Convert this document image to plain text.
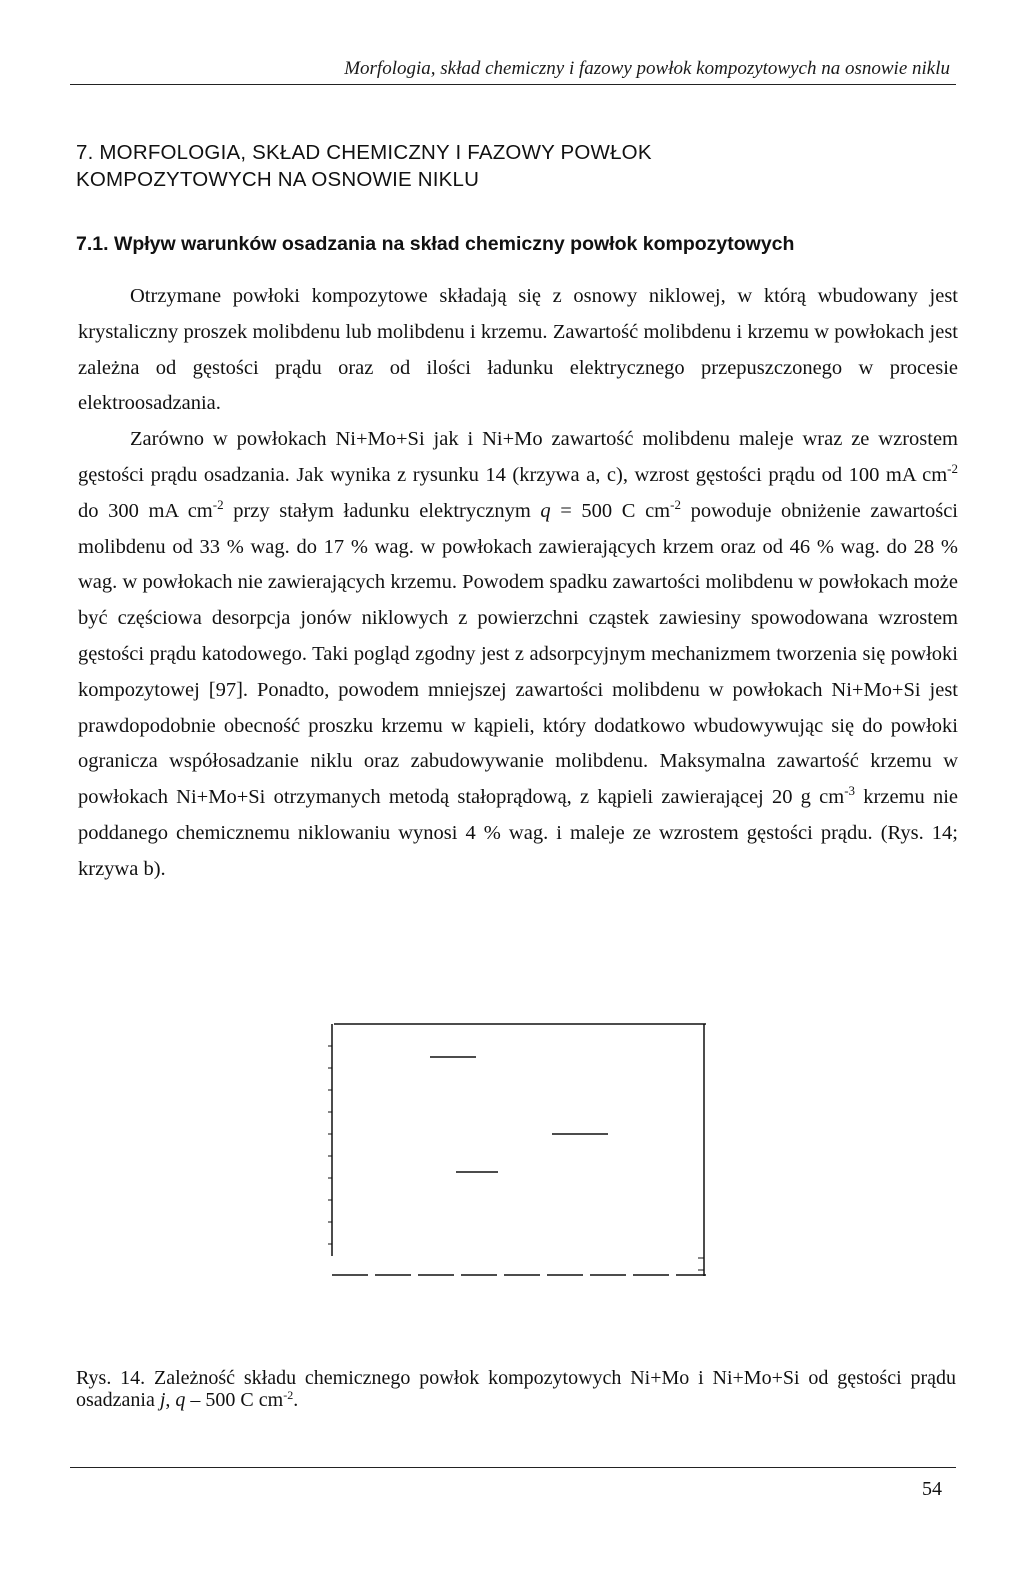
Morfologia, skład chemiczny i fazowy powłok kompozytowych na osnowie niklu
7. MORFOLOGIA, SKŁAD CHEMICZNY I FAZOWY POWŁOK
KOMPOZYTOWYCH NA OSNOWIE NIKLU
7.1. Wpływ warunków osadzania na skład chemiczny powłok kompozytowych

Otrzymane powłoki kompozytowe składają się z osnowy niklowej, w którą wbudowany jest krystaliczny proszek molibdenu lub molibdenu i krzemu. Zawartość molibdenu i krzemu w powłokach jest zależna od gęstości prądu oraz od ilości ładunku elektrycznego przepuszczonego w procesie elektroosadzania.

Zarówno w powłokach Ni+Mo+Si jak i Ni+Mo zawartość molibdenu maleje wraz ze wzrostem gęstości prądu osadzania. Jak wynika z rysunku 14 (krzywa a, c), wzrost gęstości prądu od 100 mA $cm^{-2}$ do 300 mA $cm^{-2}$ przy stałym ładunku elektrycznym q = 500 C $cm^{-2}$ powoduje obniżenie zawartości molibdenu od 33 % wag. do 17 % wag. w powłokach zawierających krzem oraz od 46 % wag. do 28 % wag. w powłokach nie zawierających krzemu. Powodem spadku zawartości molibdenu w powłokach może być częściowa desorpcja jonów niklowych z powierzchni cząstek zawiesiny spowodowana wzrostem gęstości prądu katodowego. Taki pogląd zgodny jest z adsorpcyjnym mechanizmem tworzenia się powłoki kompozytowej [97]. Ponadto, powodem mniejszej zawartości molibdenu w powłokach Ni+Mo+Si jest prawdopodobnie obecność proszku krzemu w kąpieli, który dodatkowo wbudowywując się do powłoki ogranicza współosadzanie niklu oraz zabudowywanie molibdenu. Maksymalna zawartość krzemu w powłokach Ni+Mo+Si otrzymanych metodą stałoprądową, z kąpieli zawierającej 20 g $cm^{-3}$ krzemu nie poddanego chemicznemu niklowaniu wynosi 4 % wag. i maleje ze wzrostem gęstości prądu. (Rys. 14; krzywa b).

Rys. 14. Zależność składu chemicznego powłok kompozytowych Ni+Mo i Ni+Mo+Si od gęstości prądu osadzania j, q – 500 C $cm^{-2}$.
54
